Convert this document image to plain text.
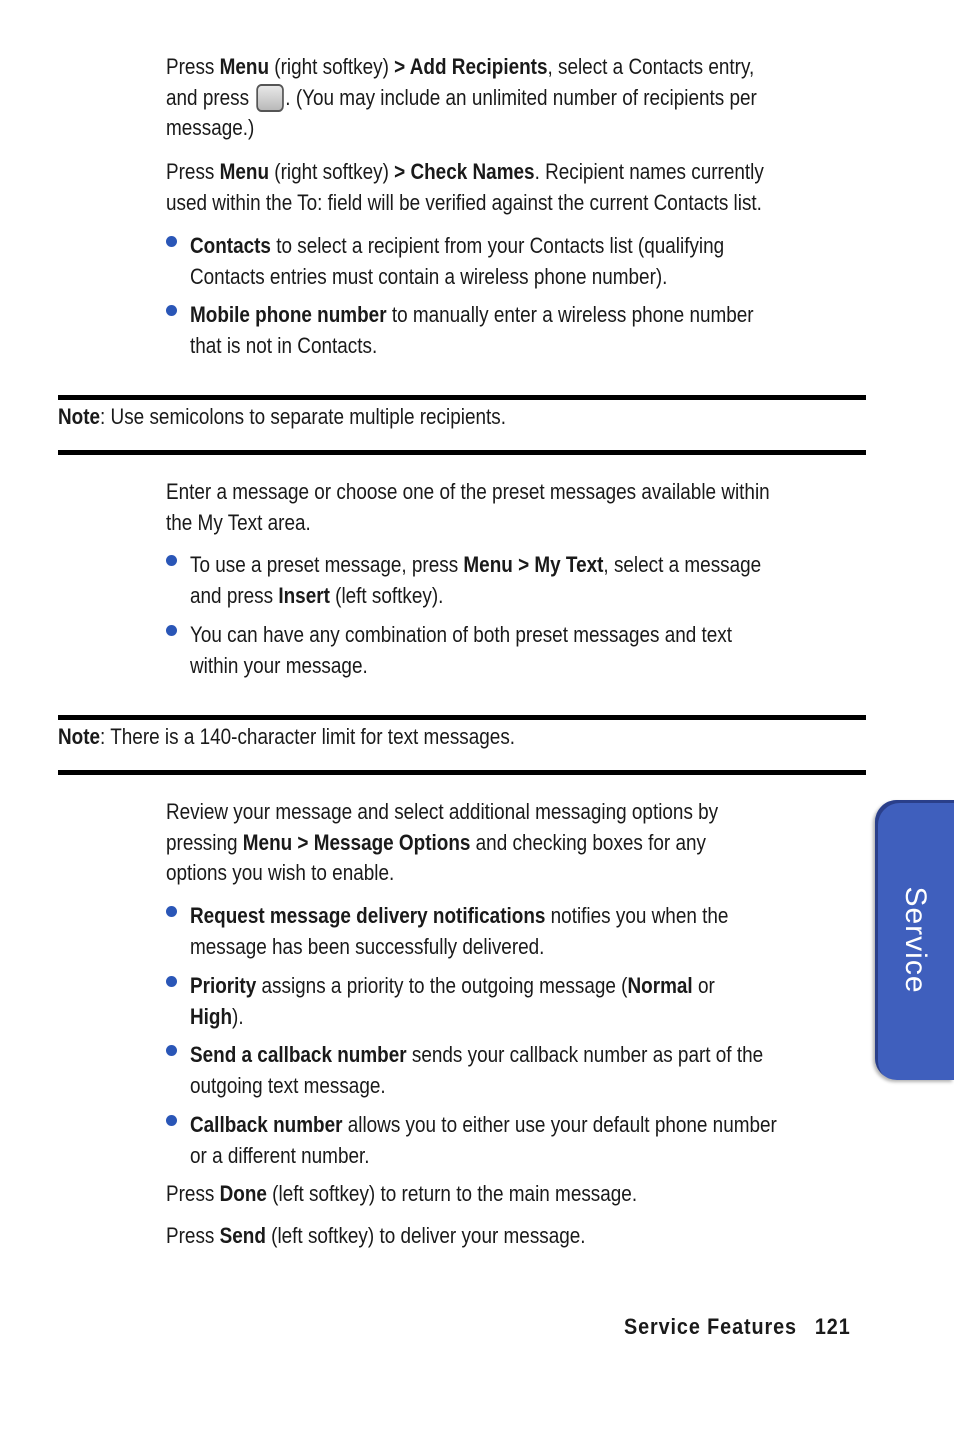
Press Menu (right softkey) > Add Recipients, select a Contacts entry,
and press . (You may include an unlimited number of recipients per
message.)
Press Menu (right softkey) > Check Names. Recipient names currently
used within the To: field will be verified against the current Contacts list.
Contacts to select a recipient from your Contacts list (qualifying
Contacts entries must contain a wireless phone number).
Mobile phone number to manually enter a wireless phone number
that is not in Contacts.
Note: Use semicolons to separate multiple recipients.
Enter a message or choose one of the preset messages available within
the My Text area.
To use a preset message, press Menu > My Text, select a message
and press Insert (left softkey).
You can have any combination of both preset messages and text
within your message.
Note: There is a 140-character limit for text messages.
Review your message and select additional messaging options by
pressing Menu > Message Options and checking boxes for any
options you wish to enable.
Request message delivery notifications notifies you when the
message has been successfully delivered.
Priority assigns a priority to the outgoing message (Normal or
High).
Send a callback number sends your callback number as part of the
outgoing text message.
Callback number allows you to either use your default phone number
or a different number.
Press Done (left softkey) to return to the main message.
Press Send (left softkey) to deliver your message.
Service
Service Features 121
